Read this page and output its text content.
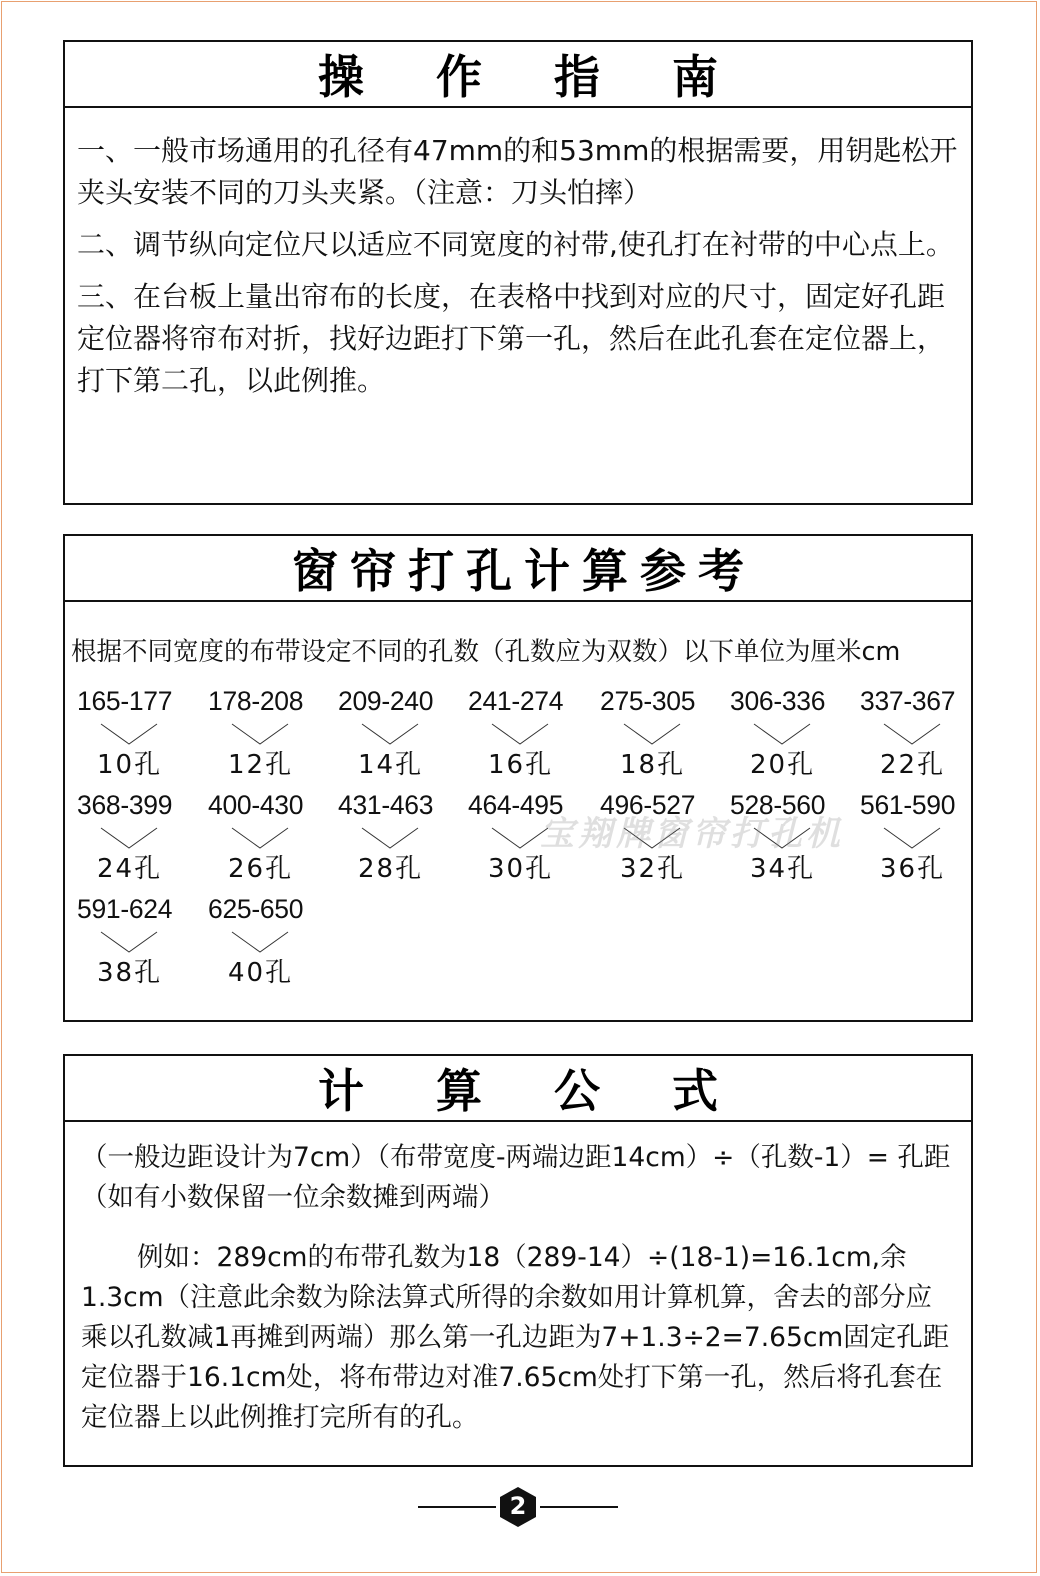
操 作 指 南

一、一般市场通用的孔径有47mm的和53mm的根据需要，用钥匙松开夹头安装不同的刀头夹紧。（注意：刀头怕摔）

二、调节纵向定位尺以适应不同宽度的衬带,使孔打在衬带的中心点上。

三、在台板上量出帘布的长度，在表格中找到对应的尺寸，固定好孔距定位器将帘布对折，找好边距打下第一孔，然后在此孔套在定位器上，打下第二孔，以此例推。

窗帘打孔计算参考

根据不同宽度的布带设定不同的孔数（孔数应为双数）以下单位为厘米cm

165-177
10孔
178-208
12孔
209-240
14孔
241-274
16孔
275-305
18孔
306-336
20孔
337-367
22孔
368-399
24孔
400-430
26孔
431-463
28孔
464-495
30孔
496-527
32孔
528-560
34孔
561-590
36孔
591-624
38孔
625-650
40孔
宝翔牌窗帘打孔机
计 算 公 式

（一般边距设计为7cm）（布带宽度-两端边距14cm）÷（孔数-1）= 孔距（如有小数保留一位余数摊到两端）

例如：289cm的布带孔数为18（289-14）÷(18-1)=16.1cm,余1.3cm（注意此余数为除法算式所得的余数如用计算机算，舍去的部分应乘以孔数减1再摊到两端）那么第一孔边距为7+1.3÷2=7.65cm固定孔距定位器于16.1cm处，将布带边对准7.65cm处打下第一孔，然后将孔套在定位器上以此例推打完所有的孔。

2
